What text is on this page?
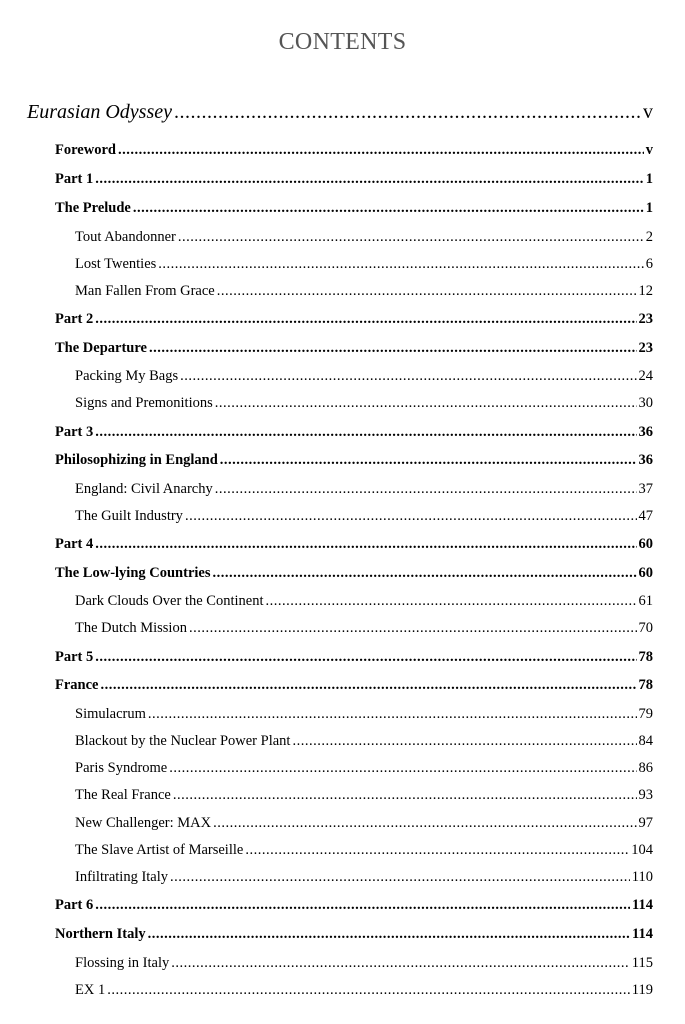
CONTENTS
Eurasian Odyssey .....	v
Foreword .....	v
Part 1 .....	1
The Prelude .....	1
Tout Abandonner .....	2
Lost Twenties .....	6
Man Fallen From Grace .....	12
Part 2 .....	23
The Departure .....	23
Packing My Bags .....	24
Signs and Premonitions .....	30
Part 3 .....	36
Philosophizing in England .....	36
England: Civil Anarchy .....	37
The Guilt Industry .....	47
Part 4 .....	60
The Low-lying Countries .....	60
Dark Clouds Over the Continent .....	61
The Dutch Mission .....	70
Part 5 .....	78
France .....	78
Simulacrum .....	79
Blackout by the Nuclear Power Plant .....	84
Paris Syndrome .....	86
The Real France .....	93
New Challenger: MAX .....	97
The Slave Artist of Marseille .....	104
Infiltrating Italy .....	110
Part 6 .....	114
Northern Italy .....	114
Flossing in Italy .....	115
EX 1 .....	119
